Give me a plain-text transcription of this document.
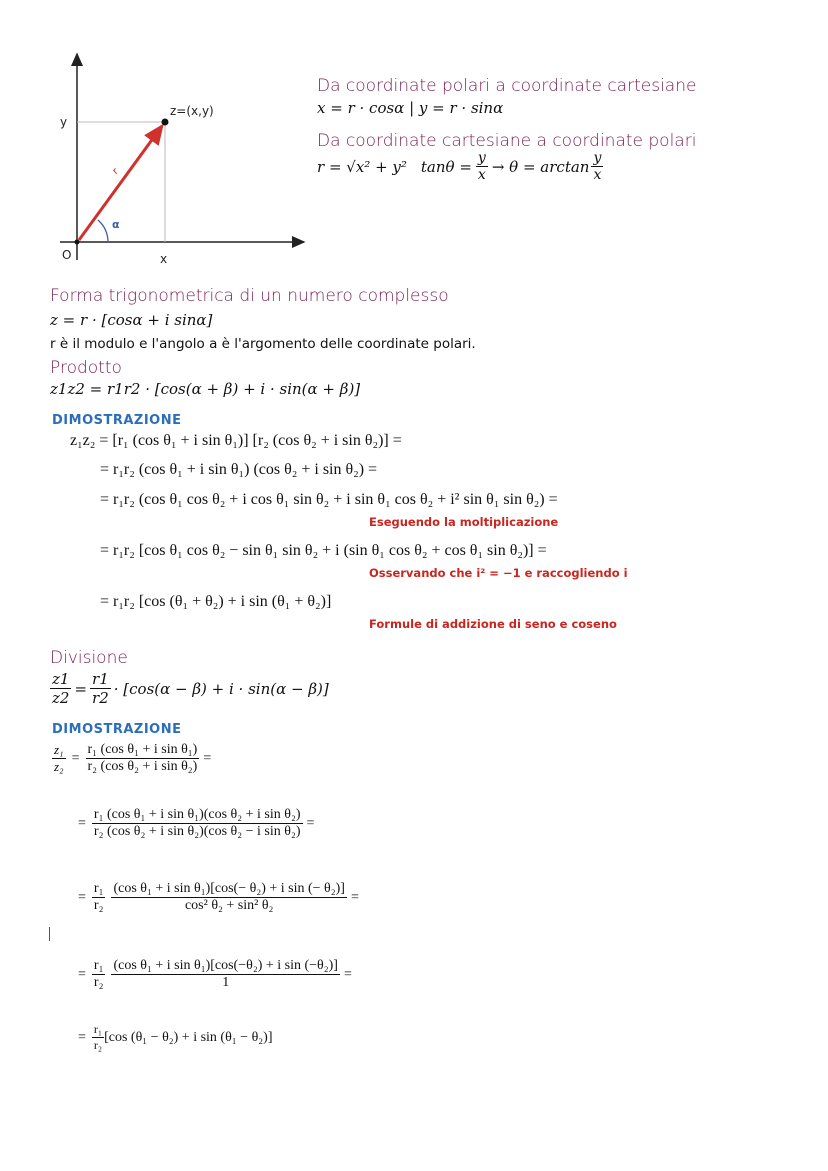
y
z=(x,y)
r
α
O	x
Da coordinate polari a coordinate cartesiane
x = r · cosα | y = r · sinα
Da coordinate cartesiane a coordinate polari
r = √x² + y² $\tan\theta = \frac{y}{x} \to \theta = \arctan \frac{y}{x}$
Forma trigonometrica di un numero complesso
z = r · [cosα + i sinα]
r è il modulo e l'angolo a è l'argomento delle coordinate polari.
Prodotto
z1z2 = r1r2 · [cos(α + β) + i · sin(α + β)]
DIMOSTRAZIONE
z₁z₂ = [r₁ (cos θ₁ + i sin θ₁)] [r₂ (cos θ₂ + i sin θ₂)] =
= r₁r₂ (cos θ₁ + i sin θ₁) (cos θ₂ + i sin θ₂) =
= r₁r₂ (cos θ₁ cos θ₂ + i cos θ₁ sin θ₂ + i sin θ₁ cos θ₂ + i² sin θ₁ sin θ₂) =
Eseguendo la moltiplicazione
= r₁r₂ [cos θ₁ cos θ₂ − sin θ₁ sin θ₂ + i (sin θ₁ cos θ₂ + cos θ₁ sin θ₂)] =
Osservando che i² = −1 e raccogliendo i
= r₁r₂ [cos (θ₁ + θ₂) + i sin (θ₁ + θ₂)]
Formule di addizione di seno e coseno
Divisione
$\frac{z1}{z2} = \frac{r1}{r2} \cdot [\cos(\alpha - \beta) + i \cdot \sin(\alpha - \beta)]$
DIMOSTRAZIONE
$\frac{\text{z₁}}{\text{z₂}} = \frac{\text{r₁ (cos θ₁ + i sin θ₁)}}{\text{r₂ (cos θ₂ + i sin θ₂)}}$ =
= $\frac{\text{r₁ (cos θ₁ + i sin θ₁)(cos θ₂ + i sin θ₂)}}{\text{r₂ (cos θ₂ + i sin θ₂)(cos θ₂ − i sin θ₂)}}$ =
= $\frac{\text{r₁}}{\text{r₂}} \frac{\text{(cos θ₁ + i sin θ₁)[cos(− θ₂) + i sin (− θ₂)]}}{\text{cos² θ₂ + sin² θ₂}}$ =
= $\frac{\text{r₁}}{\text{r₂}} \frac{\text{(cos θ₁ + i sin θ₁)[cos(−θ₂) + i sin (−θ₂)]}}{1}$ =
= $\frac{\text{r₁}}{\text{r₂}} [\cos$ (θ₁ − θ₂) + i sin (θ₁ − θ₂)]
